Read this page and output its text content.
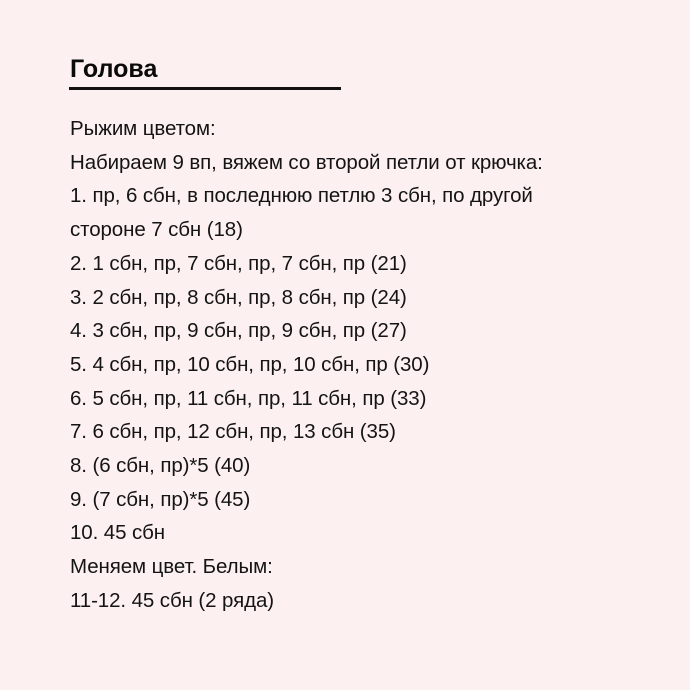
Голова
Рыжим цветом:
Набираем 9 вп, вяжем со второй петли от крючка:
1. пр, 6 сбн, в последнюю петлю 3 сбн, по другой
стороне 7 сбн (18)
2. 1 сбн, пр, 7 сбн, пр, 7 сбн, пр (21)
3. 2 сбн, пр, 8 сбн, пр, 8 сбн, пр (24)
4. 3 сбн, пр, 9 сбн, пр, 9 сбн, пр (27)
5. 4 сбн, пр, 10 сбн, пр, 10 сбн, пр (30)
6. 5 сбн, пр, 11 сбн, пр, 11 сбн, пр (33)
7. 6 сбн, пр, 12 сбн, пр, 13 сбн (35)
8. (6 сбн, пр)*5 (40)
9. (7 сбн, пр)*5 (45)
10. 45 сбн
Меняем цвет. Белым:
11-12. 45 сбн (2 ряда)
